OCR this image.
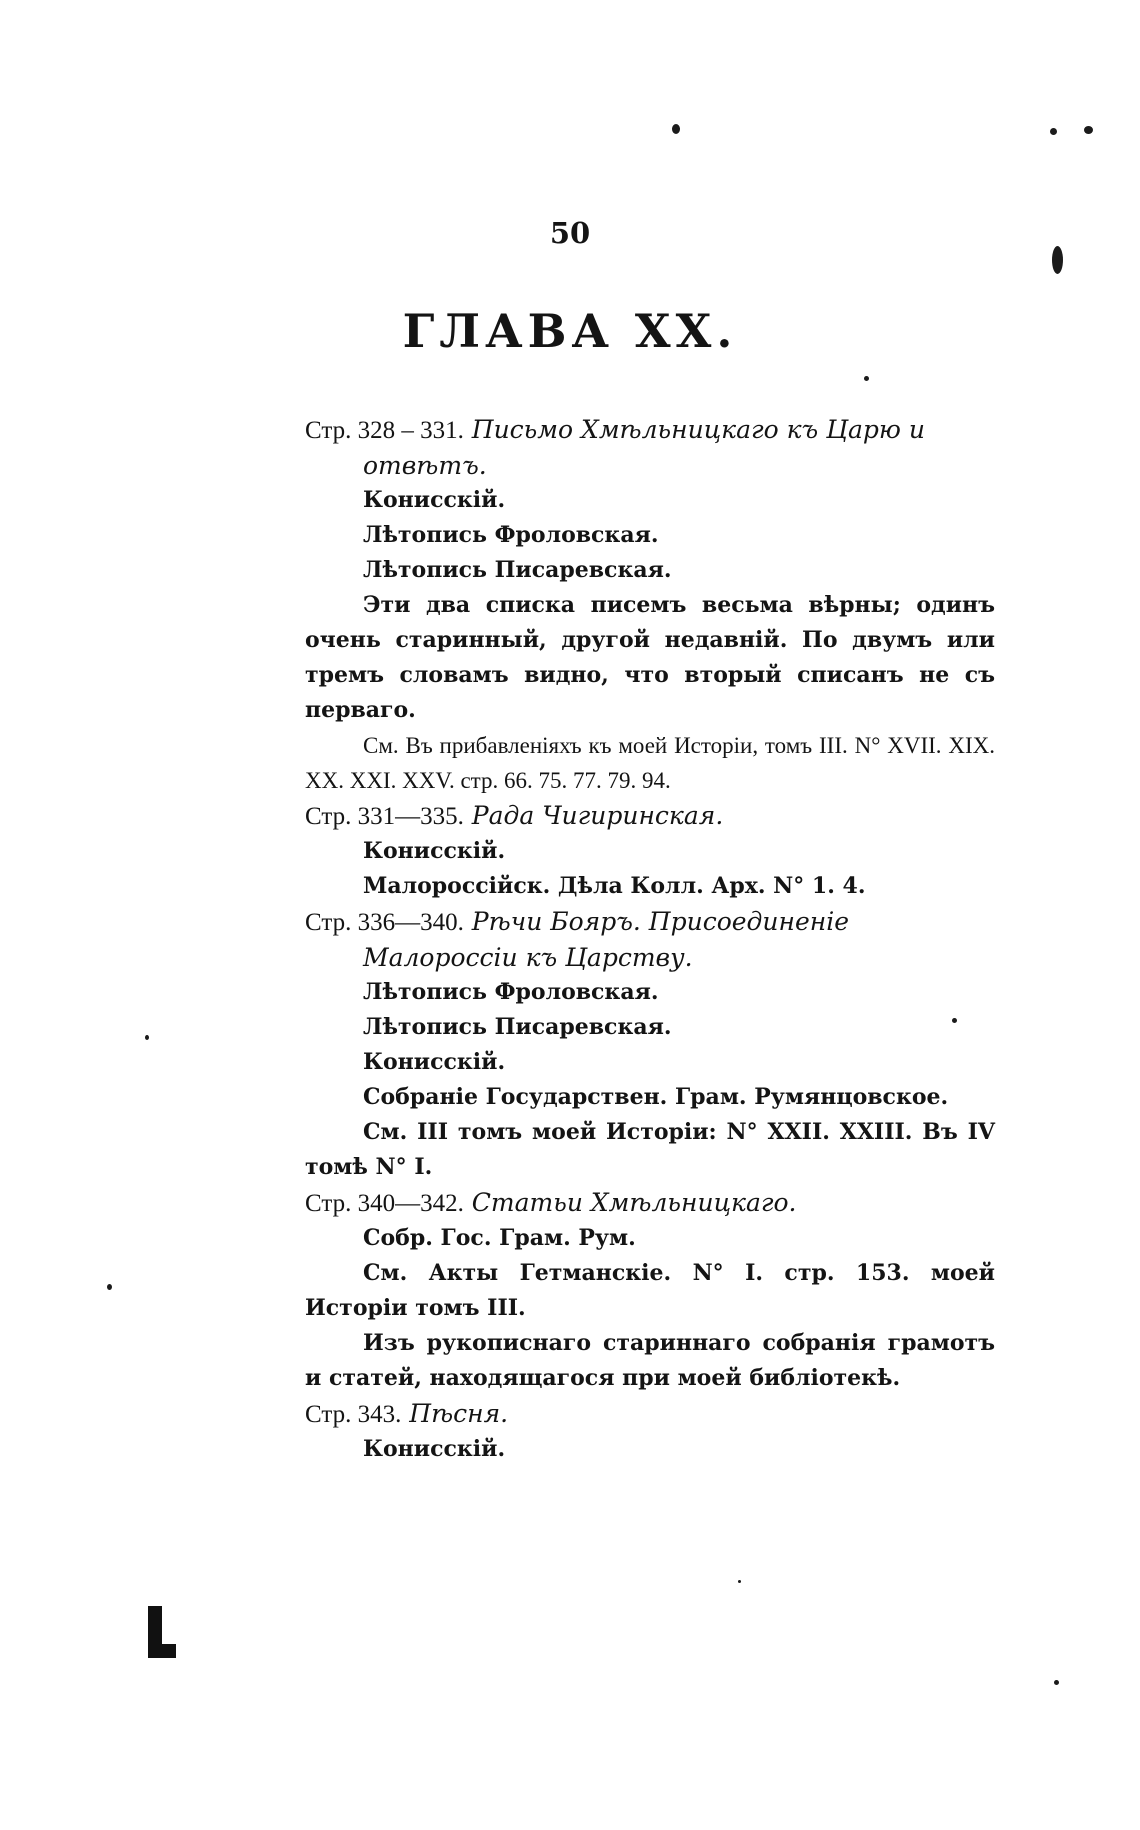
50
ГЛАВА XX.

Стр. 328 – 331. Письмо Хмѣльницкаго къ Царю и отвѣтъ.

Конисскій.

Лѣтопись Фроловская.

Лѣтопись Писаревская.

Эти два списка писемъ весьма вѣрны; одинъ очень старинный, другой недавній. По двумъ или тремъ словамъ видно, что вторый списанъ не съ перваго.

См. Въ прибавленіяхъ къ моей Исторіи, томъ III. N° XVII. XIX. XX. XXI. XXV. стр. 66. 75. 77. 79. 94.

Стр. 331—335. Рада Чигиринская.

Конисскій.

Малороссійск. Дѣла Колл. Арх. N° 1. 4.

Стр. 336—340. Рѣчи Бояръ. Присоединеніе Малороссіи къ Царству.

Лѣтопись Фроловская.

Лѣтопись Писаревская.

Конисскій.

Собраніе Государствен. Грам. Румянцовское.

См. III томъ моей Исторіи: N° XXII. XXIII. Въ IV томѣ N° I.

Стр. 340—342. Статьи Хмѣльницкаго.

Собр. Гос. Грам. Рум.

См. Акты Гетманскіе. N° I. стр. 153. моей Исторіи томъ III.

Изъ рукописнаго стариннаго собранія грамотъ и статей, находящагося при моей библіотекѣ.

Стр. 343. Пѣсня.

Конисскій.
